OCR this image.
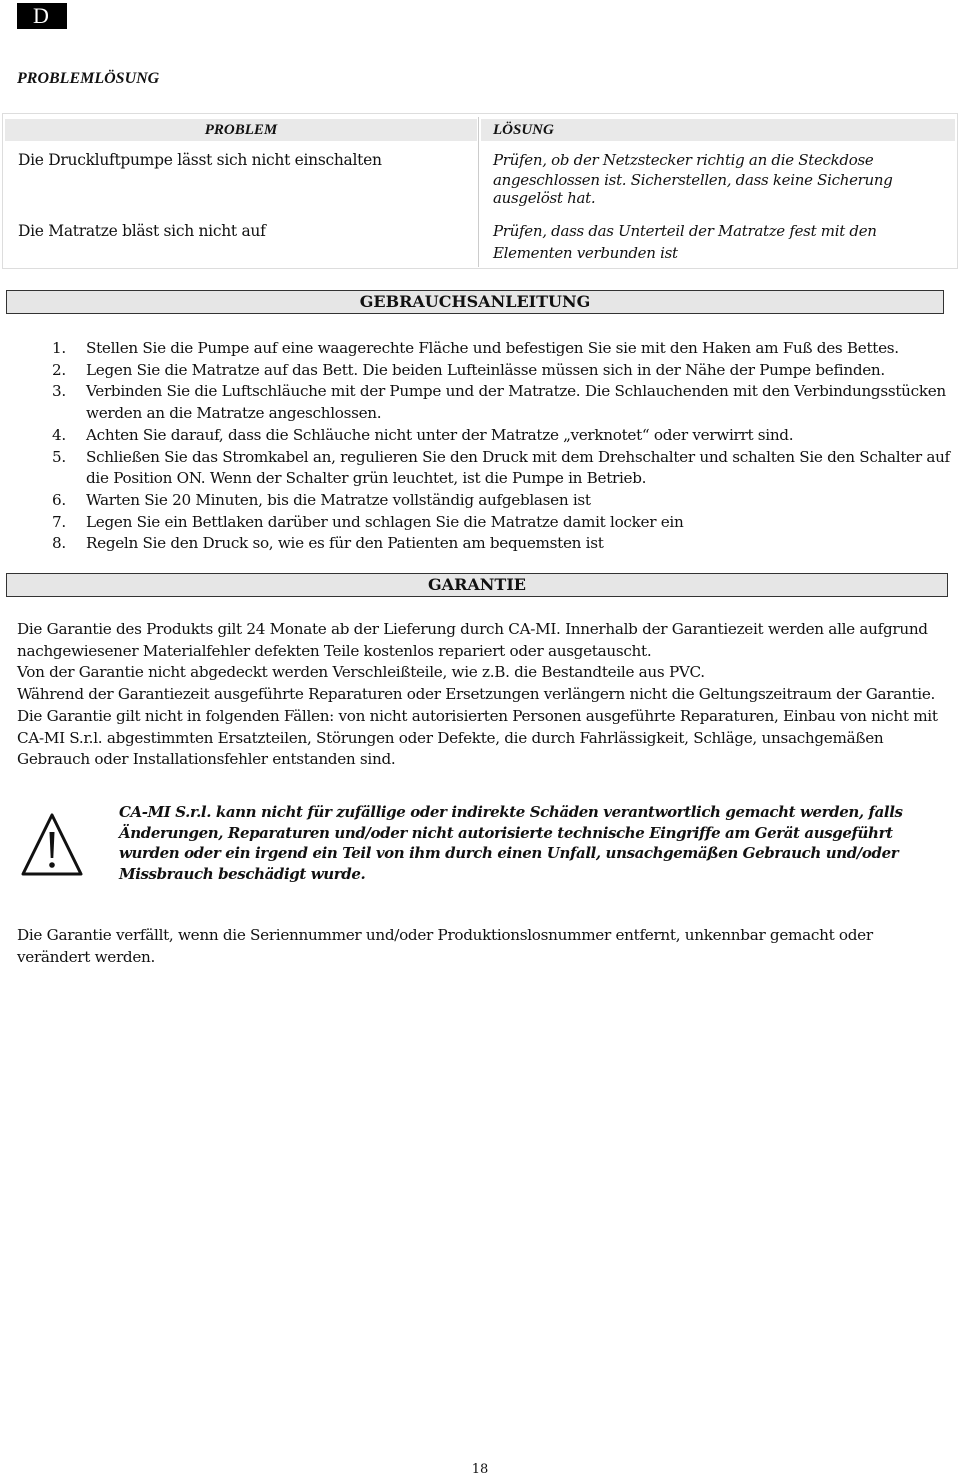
D
PROBLEMLÖSUNG
PROBLEM	LÖSUNG
Die Druckluftpumpe lässt sich nicht einschalten	Prüfen, ob der Netzstecker richtig an die Steckdose
angeschlossen ist. Sicherstellen, dass keine Sicherung
ausgelöst hat.
Die Matratze bläst sich nicht auf	Prüfen, dass das Unterteil der Matratze fest mit den
Elementen verbunden ist
GEBRAUCHSANLEITUNG
1. Stellen Sie die Pumpe auf eine waagerechte Fläche und befestigen Sie sie mit den Haken am Fuß des Bettes.
2. Legen Sie die Matratze auf das Bett. Die beiden Lufteinlässe müssen sich in der Nähe der Pumpe befinden.
3. Verbinden Sie die Luftschläuche mit der Pumpe und der Matratze. Die Schlauchenden mit den Verbindungsstücken werden an die Matratze angeschlossen.
4. Achten Sie darauf, dass die Schläuche nicht unter der Matratze „verknotet“ oder verwirrt sind.
5. Schließen Sie das Stromkabel an, regulieren Sie den Druck mit dem Drehschalter und schalten Sie den Schalter auf die Position ON. Wenn der Schalter grün leuchtet, ist die Pumpe in Betrieb.
6. Warten Sie 20 Minuten, bis die Matratze vollständig aufgeblasen ist
7. Legen Sie ein Bettlaken darüber und schlagen Sie die Matratze damit locker ein
8. Regeln Sie den Druck so, wie es für den Patienten am bequemsten ist
GARANTIE

Die Garantie des Produkts gilt 24 Monate ab der Lieferung durch CA-MI. Innerhalb der Garantiezeit werden alle aufgrund nachgewiesener Materialfehler defekten Teile kostenlos repariert oder ausgetauscht.

Von der Garantie nicht abgedeckt werden Verschleißteile, wie z.B. die Bestandteile aus PVC.

Während der Garantiezeit ausgeführte Reparaturen oder Ersetzungen verlängern nicht die Geltungszeitraum der Garantie.

Die Garantie gilt nicht in folgenden Fällen: von nicht autorisierten Personen ausgeführte Reparaturen, Einbau von nicht mit CA-MI S.r.l. abgestimmten Ersatzteilen, Störungen oder Defekte, die durch Fahrlässigkeit, Schläge, unsachgemäßen Gebrauch oder Installationsfehler entstanden sind.

CA-MI S.r.l. kann nicht für zufällige oder indirekte Schäden verantwortlich gemacht werden, falls Änderungen, Reparaturen und/oder nicht autorisierte technische Eingriffe am Gerät ausgeführt wurden oder ein irgend ein Teil von ihm durch einen Unfall, unsachgemäßen Gebrauch und/oder Missbrauch beschädigt wurde.
Die Garantie verfällt, wenn die Seriennummer und/oder Produktionslosnummer entfernt, unkennbar gemacht oder verändert werden.
18
